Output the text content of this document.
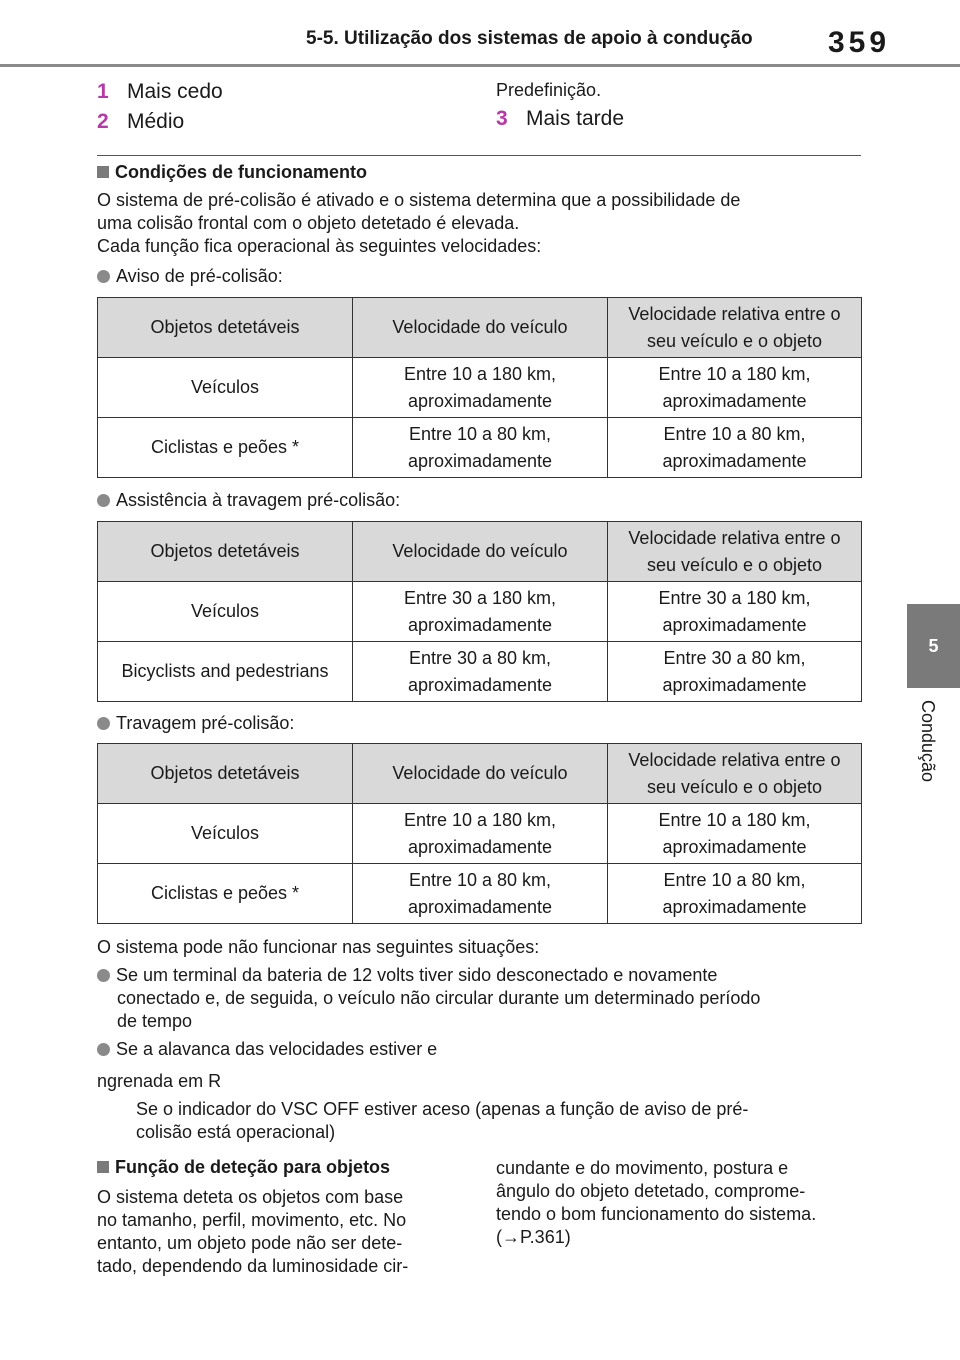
5-5. Utilização dos sistemas de apoio à condução	359
5
Condução
1 Mais cedo
2 Médio
Predefinição.
3 Mais tarde
Condições de funcionamento
O sistema de pré-colisão é ativado e o sistema determina que a possibilidade de
uma colisão frontal com o objeto detetado é elevada.
Cada função fica operacional às seguintes velocidades:
Aviso de pré-colisão:
Objetos detetáveis	Velocidade do veículo	Velocidade relativa entre o seu veículo e o objeto
Veículos	Entre 10 a 180 km, aproximadamente	Entre 10 a 180 km, aproximadamente
Ciclistas e peões *	Entre 10 a 80 km, aproximadamente	Entre 10 a 80 km, aproximadamente
Assistência à travagem pré-colisão:
Objetos detetáveis	Velocidade do veículo	Velocidade relativa entre o seu veículo e o objeto
Veículos	Entre 30 a 180 km, aproximadamente	Entre 30 a 180 km, aproximadamente
Bicyclists and pedestrians	Entre 30 a 80 km, aproximadamente	Entre 30 a 80 km, aproximadamente
Travagem pré-colisão:
Objetos detetáveis	Velocidade do veículo	Velocidade relativa entre o seu veículo e o objeto
Veículos	Entre 10 a 180 km, aproximadamente	Entre 10 a 180 km, aproximadamente
Ciclistas e peões *	Entre 10 a 80 km, aproximadamente	Entre 10 a 80 km, aproximadamente
O sistema pode não funcionar nas seguintes situações:
Se um terminal da bateria de 12 volts tiver sido desconectado e novamente
conectado e, de seguida, o veículo não circular durante um determinado período
de tempo
Se a alavanca das velocidades estiver e
ngrenada em R
Se o indicador do VSC OFF estiver aceso (apenas a função de aviso de pré-
colisão está operacional)
Função de deteção para objetos
O sistema deteta os objetos com base
no tamanho, perfil, movimento, etc. No
entanto, um objeto pode não ser dete-
tado, dependendo da luminosidade cir-
cundante e do movimento, postura e
ângulo do objeto detetado, comprome-
tendo o bom funcionamento do sistema.
(→P.361)
